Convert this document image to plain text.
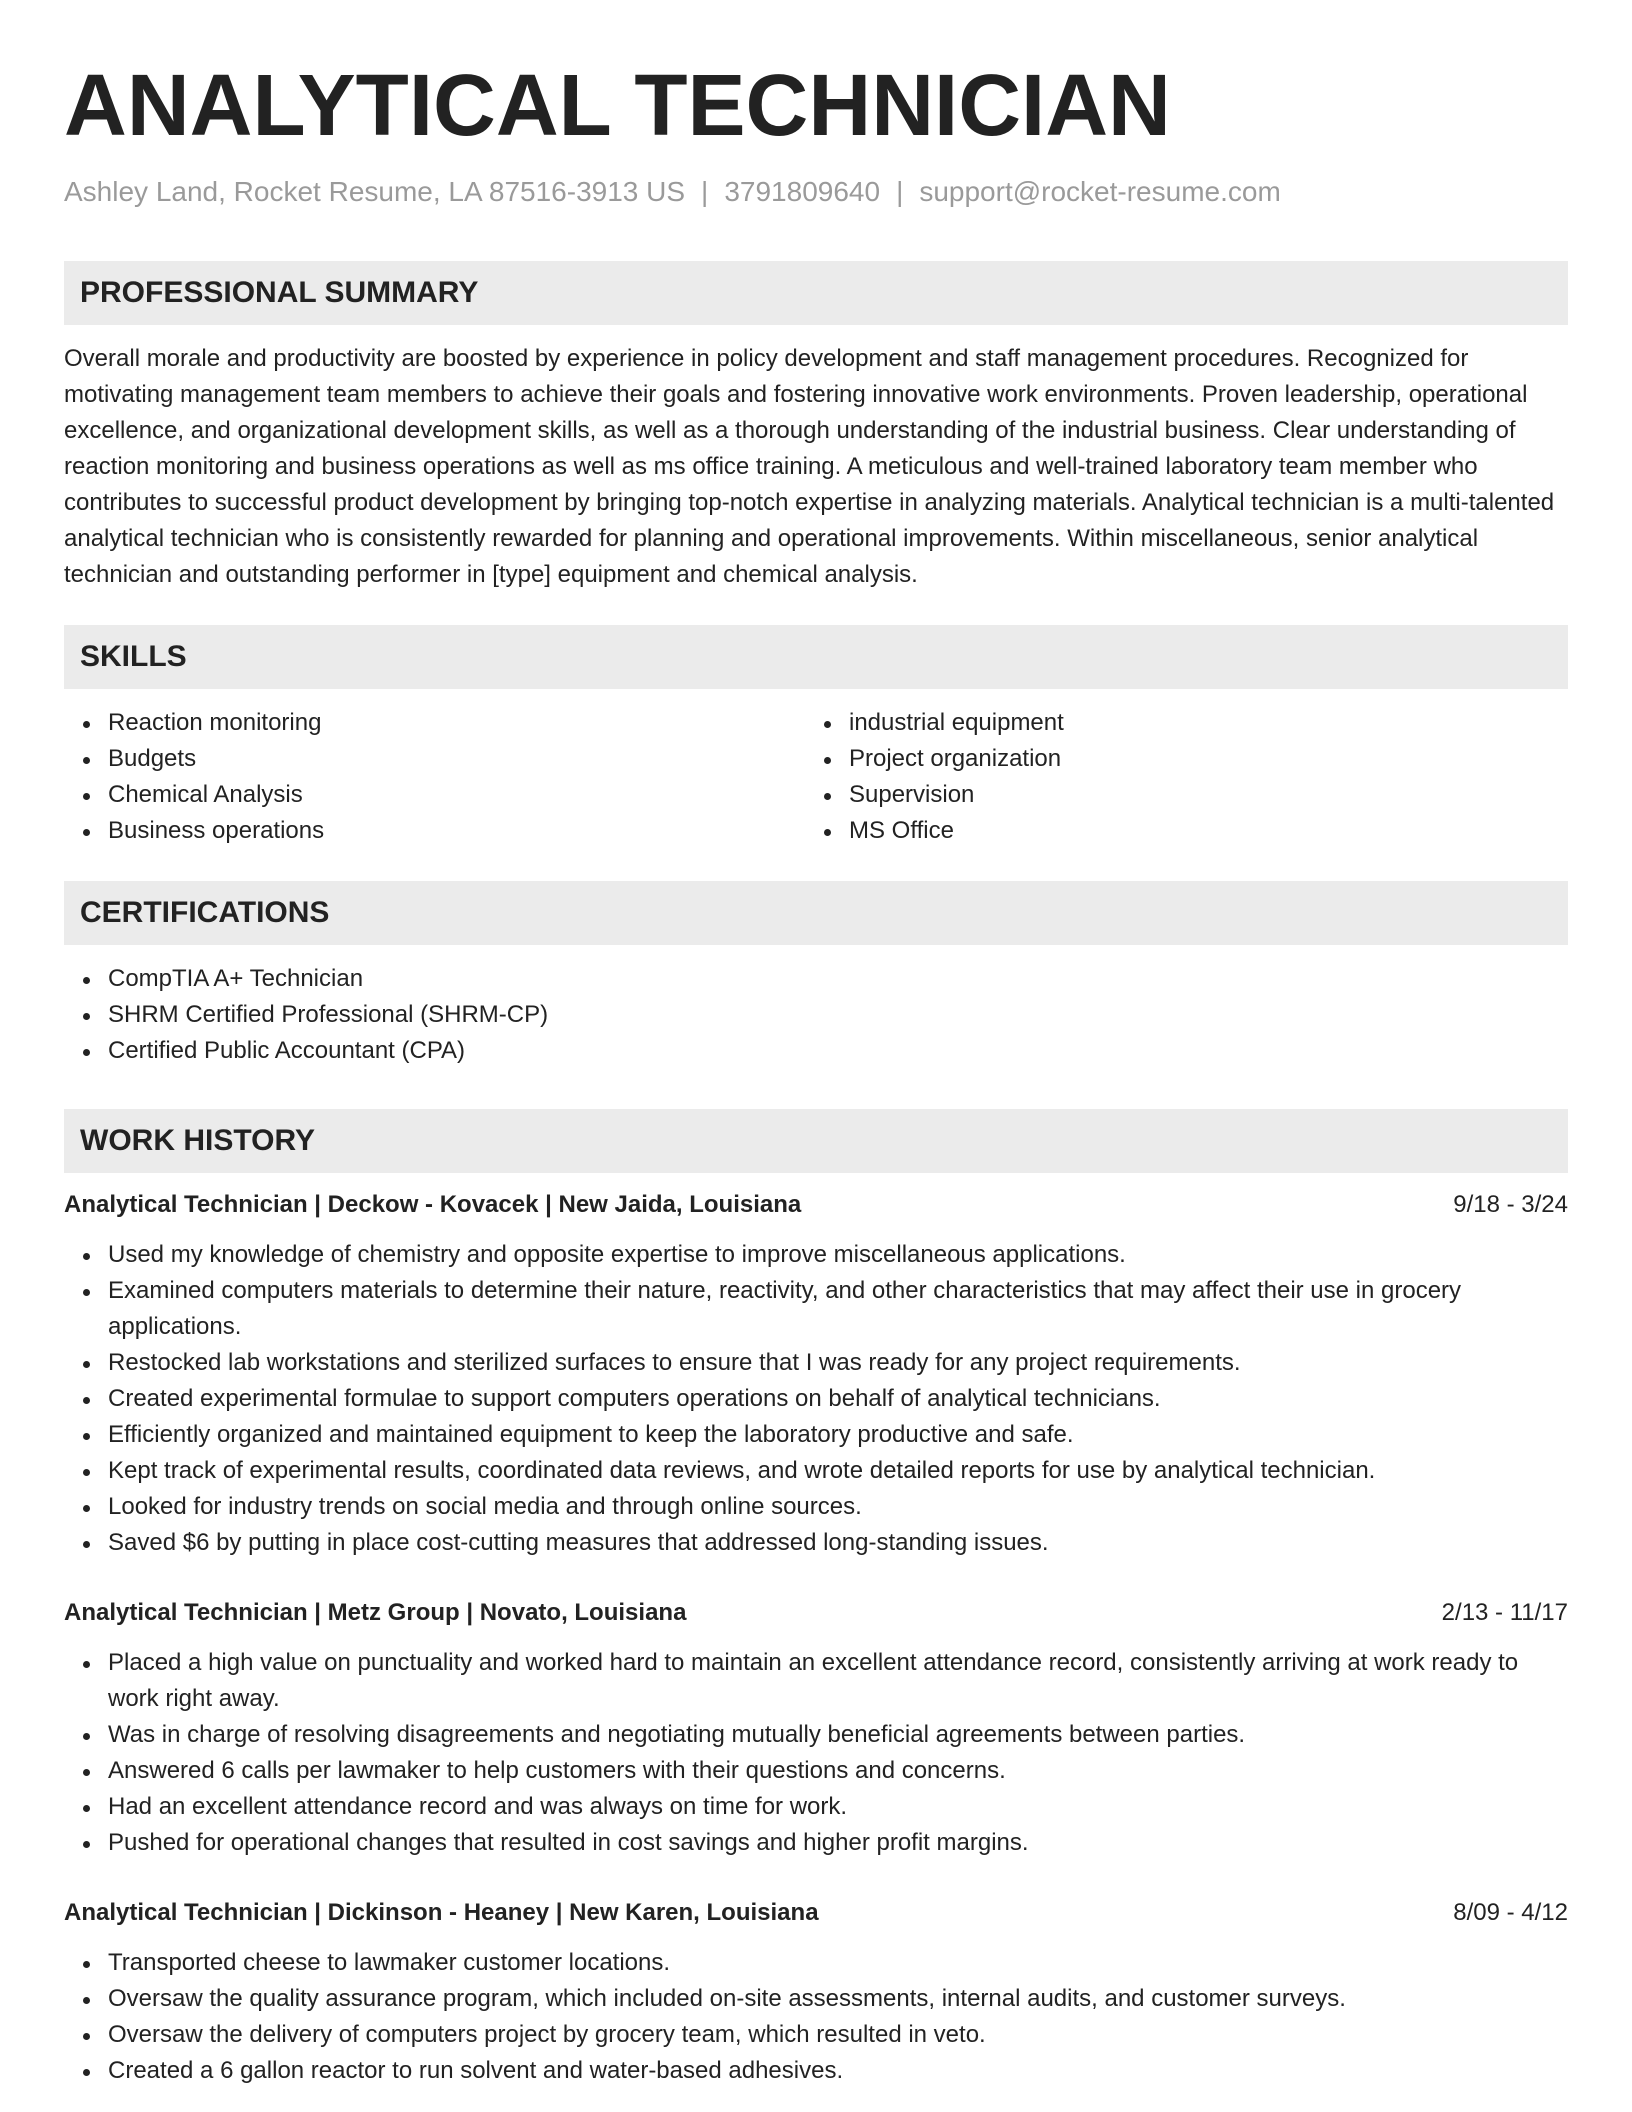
ANALYTICAL TECHNICIAN
Ashley Land, Rocket Resume, LA 87516-3913 US | 3791809640 | support@rocket-resume.com
PROFESSIONAL SUMMARY

Overall morale and productivity are boosted by experience in policy development and staff management procedures. Recognized for motivating management team members to achieve their goals and fostering innovative work environments. Proven leadership, operational excellence, and organizational development skills, as well as a thorough understanding of the industrial business. Clear understanding of reaction monitoring and business operations as well as ms office training. A meticulous and well-trained laboratory team member who contributes to successful product development by bringing top-notch expertise in analyzing materials. Analytical technician is a multi-talented analytical technician who is consistently rewarded for planning and operational improvements. Within miscellaneous, senior analytical technician and outstanding performer in [type] equipment and chemical analysis.

SKILLS
Reaction monitoring
Budgets
Chemical Analysis
Business operations
industrial equipment
Project organization
Supervision
MS Office
CERTIFICATIONS
CompTIA A+ Technician
SHRM Certified Professional (SHRM-CP)
Certified Public Accountant (CPA)
WORK HISTORY
Analytical Technician | Deckow - Kovacek | New Jaida, Louisiana	9/18 - 3/24
Used my knowledge of chemistry and opposite expertise to improve miscellaneous applications.
Examined computers materials to determine their nature, reactivity, and other characteristics that may affect their use in grocery applications.
Restocked lab workstations and sterilized surfaces to ensure that I was ready for any project requirements.
Created experimental formulae to support computers operations on behalf of analytical technicians.
Efficiently organized and maintained equipment to keep the laboratory productive and safe.
Kept track of experimental results, coordinated data reviews, and wrote detailed reports for use by analytical technician.
Looked for industry trends on social media and through online sources.
Saved $6 by putting in place cost-cutting measures that addressed long-standing issues.
Analytical Technician | Metz Group | Novato, Louisiana	2/13 - 11/17
Placed a high value on punctuality and worked hard to maintain an excellent attendance record, consistently arriving at work ready to work right away.
Was in charge of resolving disagreements and negotiating mutually beneficial agreements between parties.
Answered 6 calls per lawmaker to help customers with their questions and concerns.
Had an excellent attendance record and was always on time for work.
Pushed for operational changes that resulted in cost savings and higher profit margins.
Analytical Technician | Dickinson - Heaney | New Karen, Louisiana	8/09 - 4/12
Transported cheese to lawmaker customer locations.
Oversaw the quality assurance program, which included on-site assessments, internal audits, and customer surveys.
Oversaw the delivery of computers project by grocery team, which resulted in veto.
Created a 6 gallon reactor to run solvent and water-based adhesives.
